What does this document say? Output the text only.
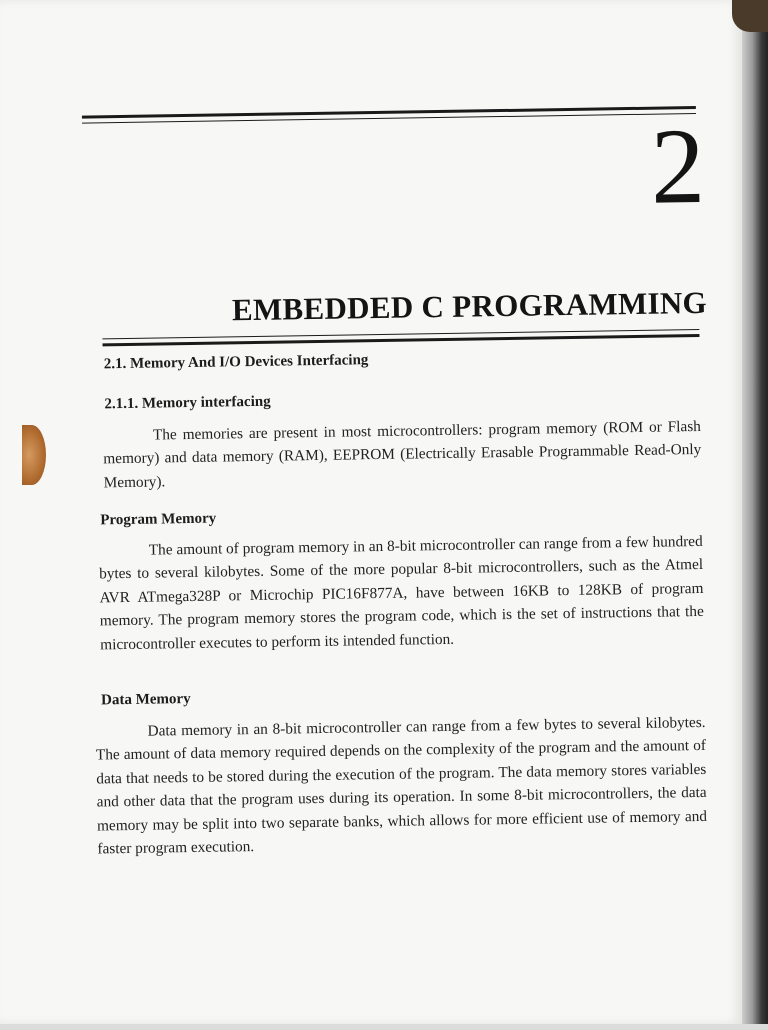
2
EMBEDDED C PROGRAMMING
2.1. Memory And I/O Devices Interfacing
2.1.1. Memory interfacing
The memories are present in most microcontrollers: program memory (ROM or Flash memory) and data memory (RAM), EEPROM (Electrically Erasable Programmable Read-Only Memory).
Program Memory
The amount of program memory in an 8-bit microcontroller can range from a few hundred bytes to several kilobytes. Some of the more popular 8-bit microcontrollers, such as the Atmel AVR ATmega328P or Microchip PIC16F877A, have between 16KB to 128KB of program memory. The program memory stores the program code, which is the set of instructions that the microcontroller executes to perform its intended function.
Data Memory
Data memory in an 8-bit microcontroller can range from a few bytes to several kilobytes. The amount of data memory required depends on the complexity of the program and the amount of data that needs to be stored during the execution of the program. The data memory stores variables and other data that the program uses during its operation. In some 8-bit microcontrollers, the data memory may be split into two separate banks, which allows for more efficient use of memory and faster program execution.
